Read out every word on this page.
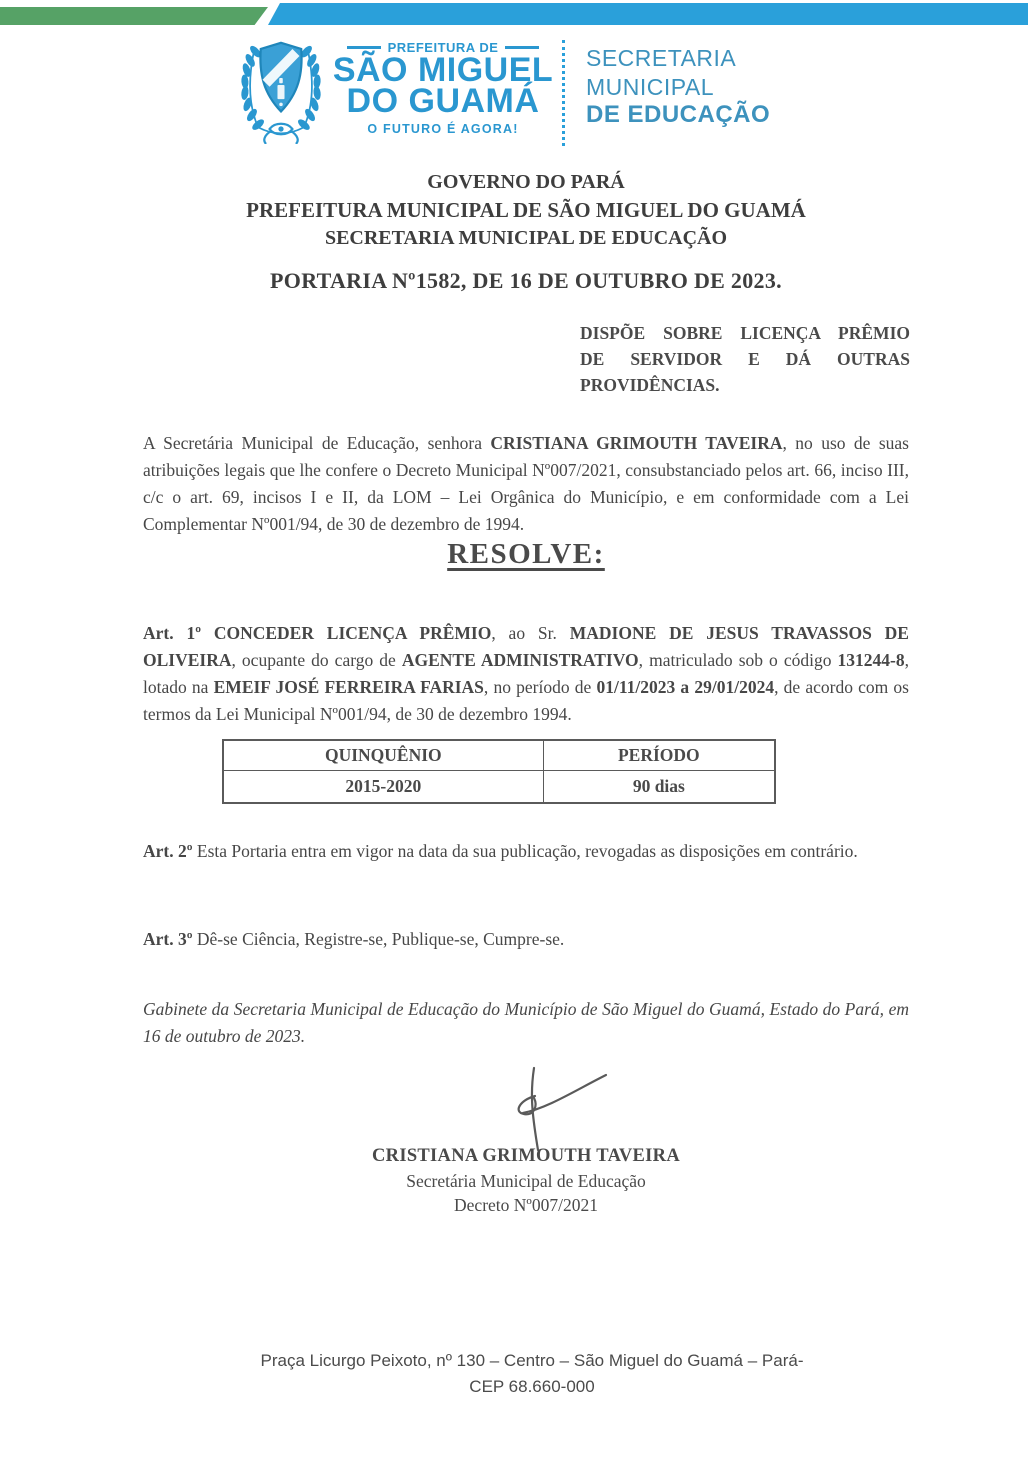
PREFEITURA DE
SÃO MIGUEL
DO GUAMÁ
O FUTURO É AGORA!
SECRETARIA
MUNICIPAL
DE EDUCAÇÃO
GOVERNO DO PARÁ
PREFEITURA MUNICIPAL DE SÃO MIGUEL DO GUAMÁ
SECRETARIA MUNICIPAL DE EDUCAÇÃO
PORTARIA Nº1582, DE 16 DE OUTUBRO DE 2023.
DISPÕE SOBRE LICENÇA PRÊMIO
DE SERVIDOR E DÁ OUTRAS
PROVIDÊNCIAS.

A Secretária Municipal de Educação, senhora CRISTIANA GRIMOUTH TAVEIRA, no uso de suas atribuições legais que lhe confere o Decreto Municipal Nº007/2021, consubstanciado pelos art. 66, inciso III, c/c o art. 69, incisos I e II, da LOM – Lei Orgânica do Município, e em conformidade com a Lei Complementar Nº001/94, de 30 de dezembro de 1994.

RESOLVE:

Art. 1º CONCEDER LICENÇA PRÊMIO, ao Sr. MADIONE DE JESUS TRAVASSOS DE OLIVEIRA, ocupante do cargo de AGENTE ADMINISTRATIVO, matriculado sob o código 131244-8, lotado na EMEIF JOSÉ FERREIRA FARIAS, no período de 01/11/2023 a 29/01/2024, de acordo com os termos da Lei Municipal Nº001/94, de 30 de dezembro 1994.

QUINQUÊNIO	PERÍODO
2015-2020	90 dias

Art. 2º Esta Portaria entra em vigor na data da sua publicação, revogadas as disposições em contrário.

Art. 3º Dê-se Ciência, Registre-se, Publique-se, Cumpre-se.

Gabinete da Secretaria Municipal de Educação do Município de São Miguel do Guamá, Estado do Pará, em 16 de outubro de 2023.

CRISTIANA GRIMOUTH TAVEIRA
Secretária Municipal de Educação
Decreto Nº007/2021
Praça Licurgo Peixoto, nº 130 – Centro – São Miguel do Guamá – Pará-
CEP 68.660-000
